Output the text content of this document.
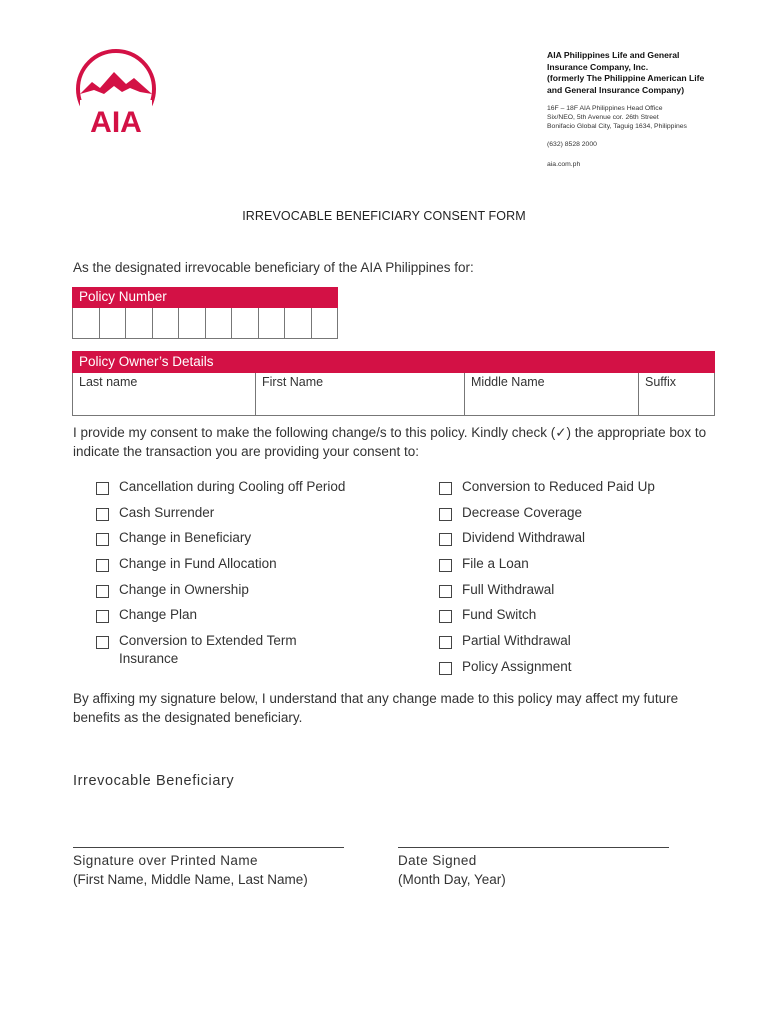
AIA
AIA Philippines Life and General
Insurance Company, Inc.
(formerly The Philippine American Life
and General Insurance Company)
16F – 18F AIA Philippines Head Office
Six/NEO, 5th Avenue cor. 26th Street
Bonifacio Global City, Taguig 1634, Philippines
(632) 8528 2000
aia.com.ph
IRREVOCABLE BENEFICIARY CONSENT FORM
As the designated irrevocable beneficiary of the AIA Philippines for:
Policy Number
Policy Owner’s Details
Last name	First Name	Middle Name	Suffix
I provide my consent to make the following change/s to this policy. Kindly check (✓) the appropriate box to indicate the transaction you are providing your consent to:
Cancellation during Cooling off Period
Cash Surrender
Change in Beneficiary
Change in Fund Allocation
Change in Ownership
Change Plan
Conversion to Extended Term Insurance
Conversion to Reduced Paid Up
Decrease Coverage
Dividend Withdrawal
File a Loan
Full Withdrawal
Fund Switch
Partial Withdrawal
Policy Assignment
By affixing my signature below, I understand that any change made to this policy may affect my future benefits as the designated beneficiary.
Irrevocable Beneficiary
Signature over Printed Name
(First Name, Middle Name, Last Name)
Date Signed
(Month Day, Year)
